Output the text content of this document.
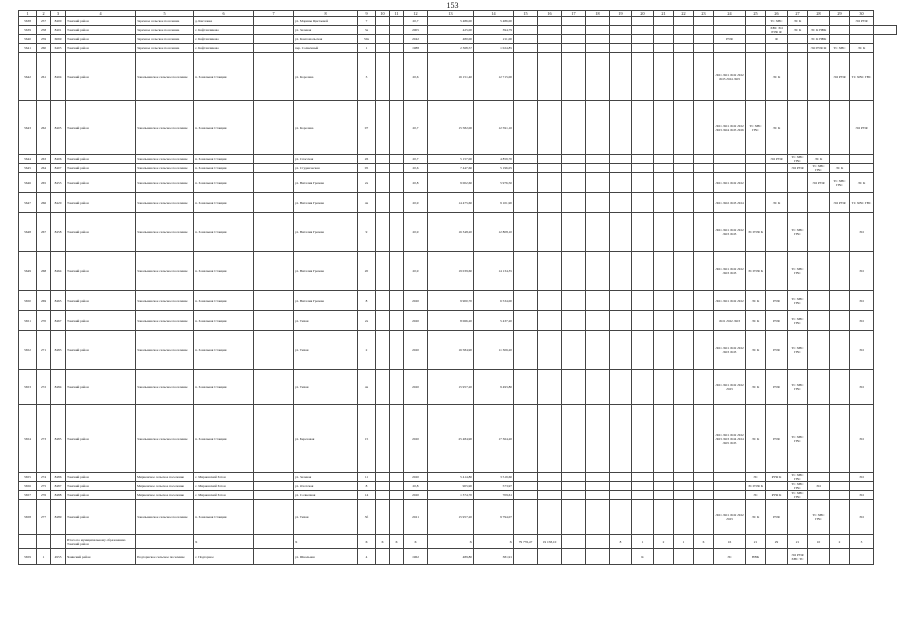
153
1	2	3	4	5	6	7	8	9	10	11	12	13	14	15	16	17	18	19	20	21	22	23	24	25	26	27	28	29	30	
5638	257	8400	Томский район	Заречное сельское поселение	д. Кисловка		ул. Марины Цветаевой	7			20,7	5 486,00	5 486,00												ТС ХВС	ЭС К			ЭО РУФ	
5639	258	8401	Томский район	Заречное сельское поселение	с. Кафтанчиково		ул. Зеленая	3а			2005	425,00	394,79												ХВС ЭО РУФ Ф	ЭС К	ЭС К НВК			
5640	259	6669	Томский район	Заречное сельское поселение	с. Кафтанчиково		ул. Комсомольская	50а			2042	480,00	211,00										РУФ		Ф		ЭС К НВК			
5641	260	6403	Томский район	Заречное сельское поселение	с. Кафтанчиково		пер. Солнечный	1			1988	2 368,57	1 024,85														ЭО РУФ Ф	ТС ХВС	ЭС К	
5642	261	8404	Томский район	Зональненское сельское поселение	п. Зональная Станция		ул. Королева	3			20,6	16 151,40	12 715,00										ЛО1 ЛО1 ЛО2 ЛО2 ЛО3 ЛО4 ЛО5		ЭС К			ЭО РУФ	ТС ХВС ГВС	
5643	262	8405	Томский район	Зональненское сельское поселение	п. Зональная Станция		ул. Королева	07			20,7	15 582,00	12 591,10										ЛО1 ЛО1 ЛО2 ЛО2 ЛО3 ЛО4 ЛО5 ЛО6	ТС ХВС ГВС	ЭС К				ЭО РУФ	
5644	263	8406	Томский район	Зональненское сельское поселение	п. Зональная Станция		ул. Спасская	26			20,7	5 157,00	4 859,70												ЭО РУФ	ТС ХВС ГВС	ЭС К			
5645	264	8407	Томский район	Зональненское сельское поселение	п. Зональная Станция		ул. Студенческая	05			20,6	7 447,60	5 196,05													ЭО РУФ	ТС ХВС ГВС	ЭС К		
5646	265	8453	Томский район	Зональненское сельское поселение	п. Зональная Станция		ул. Виталия Грачева	2а			20,8	9 002,60	5 976,50										ЛО1 ЛО1 ЛО2 ЛО2				ЭО РУФ	ТС ХВС ГВС	ЭС К	
5647	266	8420	Томский район	Зональненское сельское поселение	п. Зональная Станция		ул. Виталия Грачева	4а			20,9	14 475,60	9 101,90										ЛО1 ЛО2 ЛО3 ЛО4		ЭС К			ЭО РУФ	ТС ХВС ГВС	
5648	267	8458	Томский район	Зональненское сельское поселение	п. Зональная Станция		ул. Виталия Грачева	9			20,9	16 348,20	12 808,10										ЛО1 ЛО1 ЛО2 ЛО2 ЛО3 ЛО3	ЭС РУФ К		ТС ХВС ГВС			ЭО	
5649	268	8464	Томский район	Зональненское сельское поселение	п. Зональная Станция		ул. Виталия Грачева	20			20,9	19 039,60	14 134,35										ЛО1 ЛО1 ЛО2 ЛО2 ЛО3 ЛО3	ЭС РУФ К		ТС ХВС ГВС			ЭО	
5650	269	8465	Томский район	Зональненское сельское поселение	п. Зональная Станция		ул. Виталия Грачева	8			2020	9 900,70	6 534,00										ЛО1 ЛО1 ЛО2 ЛО2	ЭС К	РУФ	ТС ХВС ГВС			ЭО	
5651	270	8467	Томский район	Зональненское сельское поселение	п. Зональная Станция		ул. Тихая	2а			2020	8 066,20	5 437,20										ЛО1 ЛО2 ЛО3	ЭС К	РУФ	ТС ХВС ГВС			ЭО	
5652	271	8483	Томский район	Зональненское сельское поселение	п. Зональная Станция		ул. Тихая	2			2020	16 584,90	11 306,20										ЛО1 ЛО1 ЛО2 ЛО2 ЛО3 ЛО3	ЭС К	РУФ	ТС ХВС ГВС			ЭО	
5653	272	8484	Томский район	Зональненское сельское поселение	п. Зональная Станция		ул. Тихая	4а			2020	15 957,20	9 493,80										ЛО1 ЛО1 ЛО2 ЛО2 ЛО3	ЭС К	РУФ	ТС ХВС ГВС			ЭО	
5654	273	8485	Томский район	Зональненское сельское поселение	п. Зональная Станция		ул. Березовая	15			2020	25 484,90	17 364,20										ЛО1 ЛО1 ЛО2 ЛО2 ЛО3 ЛО3 ЛО4 ЛО4 ЛО5 ЛО5	ЭС К	РУФ	ТС ХВС ГВС			ЭО	
5655	274	8486	Томский район	Мирненское сельское поселение	с. Мирненский Затон		ул. Зеленая	11			2020	5 414,80	3 519,60											ЭС	РУФ К	ТС ХВС ГВС			ЭО	
5656	275	8487	Томский район	Мирненское сельское поселение	с. Мирненский Затон		ул. Охотская	8			20,8	905,90	573,97											ЭС РУФ К		ТС ХВС ГВС	ЭО			
5657	276	8488	Томский район	Мирненское сельское поселение	с. Мирненский Затон		ул. Солнечная	14			2020	1 374,70	709,61											ЭС	РУФ К	ТС ХВС ГВС			ЭО	
5658	277	8489	Томский район	Зональненское сельское поселение	п. Зональная Станция		ул. Тихая	3б			2021	15 957,20	9 794,07										ЛО1 ЛО1 ЛО2 ЛО2 ЛО3	ЭС К	РУФ		ТС ХВС ГВС		ЭО	
			Итого по муниципальному образованию Томский район		X		X	X	X	X	X	X	X	79 776,47	19 158,10			8	1	2	1	6	16	21	29	21	10	2	3	
5659	1	4955	Чаинский район	Подгорнское сельское поселение	с. Подгорное		ул. Школьная	4			1962	489,80	381,91						К				ЭС	НВК		ЭО РУФ ХВС ТС				
